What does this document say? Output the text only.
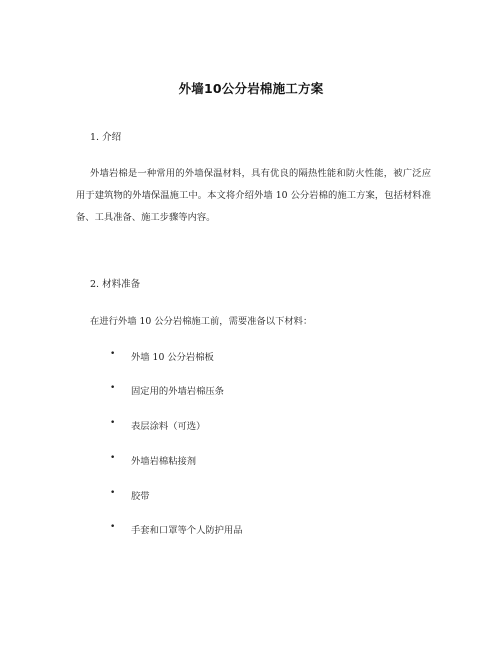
外墙10公分岩棉施工方案
1. 介绍
外墙岩棉是一种常用的外墙保温材料，具有优良的隔热性能和防火性能，被广泛应用于建筑物的外墙保温施工中。本文将介绍外墙 10 公分岩棉的施工方案，包括材料准备、工具准备、施工步骤等内容。
2. 材料准备
在进行外墙 10 公分岩棉施工前，需要准备以下材料：
• 外墙 10 公分岩棉板
• 固定用的外墙岩棉压条
• 表层涂料（可选）
• 外墙岩棉粘接剂
• 胶带
• 手套和口罩等个人防护用品
